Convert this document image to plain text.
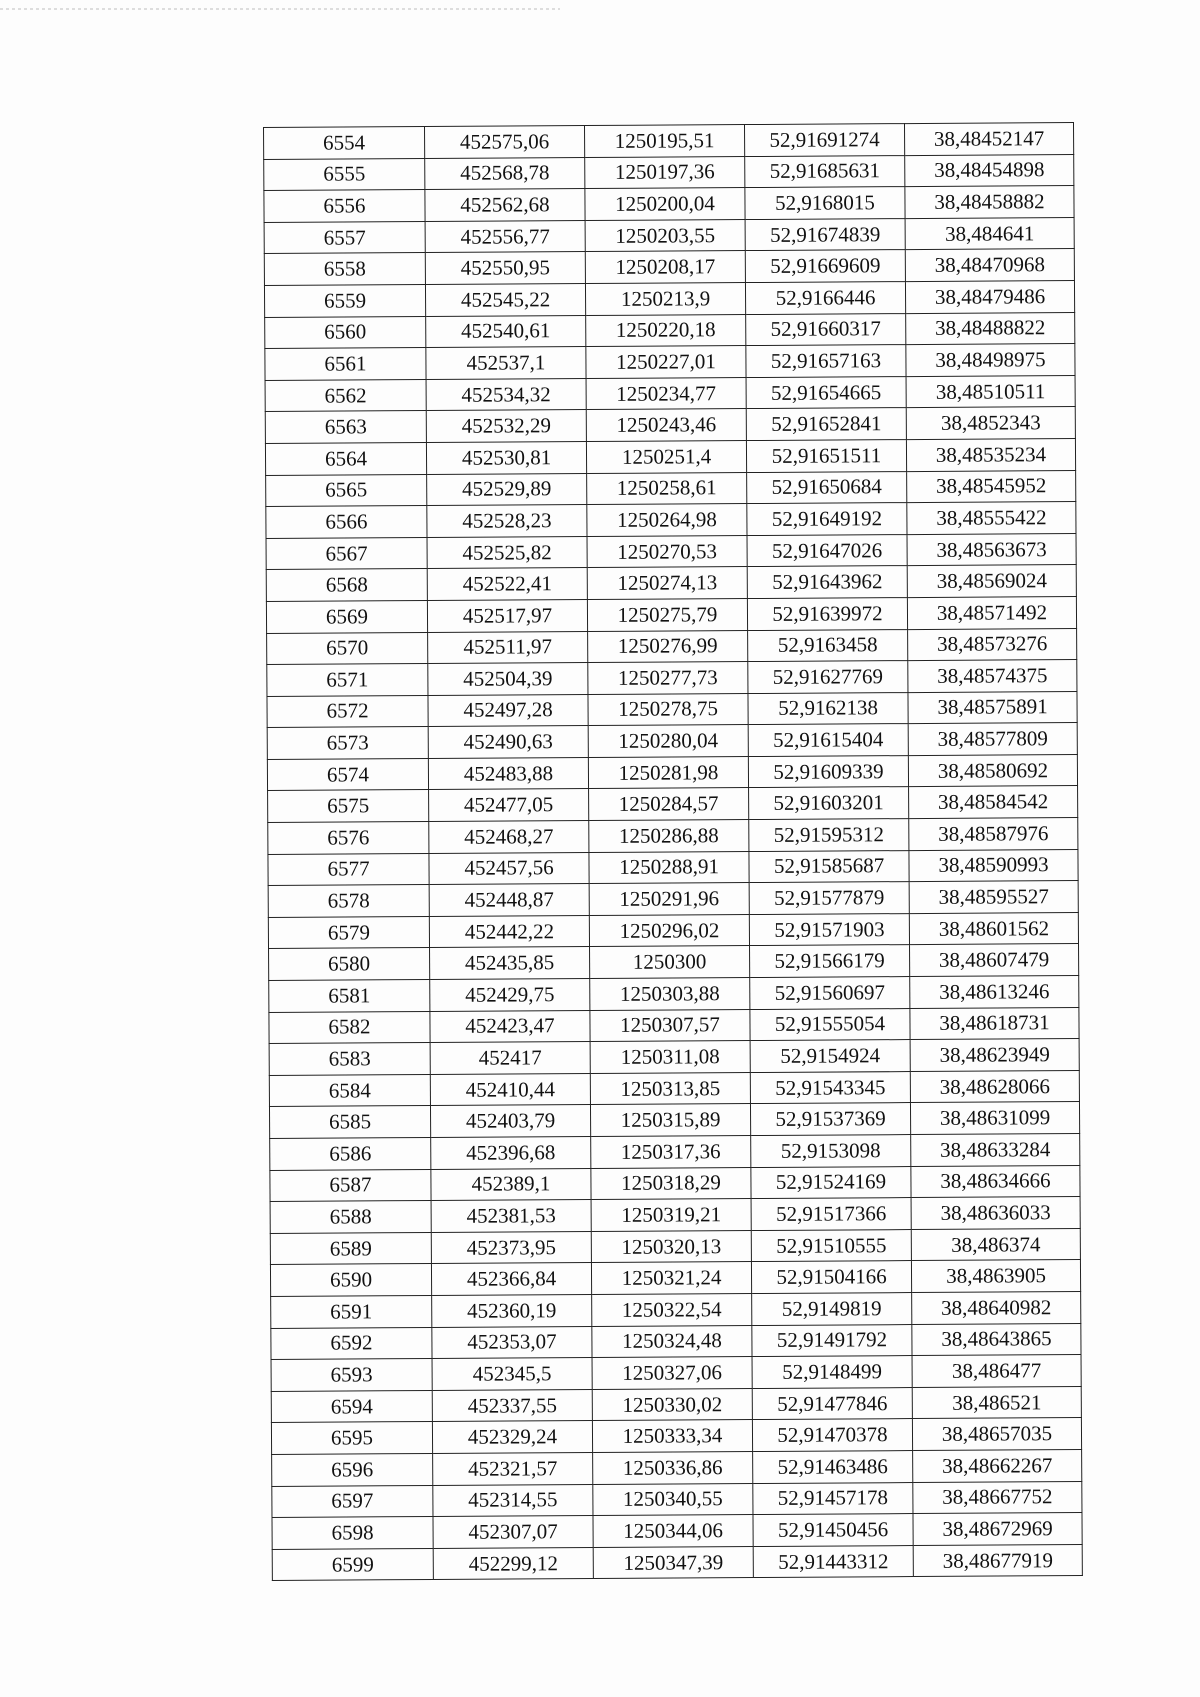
6554	452575,06	1250195,51	52,91691274	38,48452147
6555	452568,78	1250197,36	52,91685631	38,48454898
6556	452562,68	1250200,04	52,9168015	38,48458882
6557	452556,77	1250203,55	52,91674839	38,484641
6558	452550,95	1250208,17	52,91669609	38,48470968
6559	452545,22	1250213,9	52,9166446	38,48479486
6560	452540,61	1250220,18	52,91660317	38,48488822
6561	452537,1	1250227,01	52,91657163	38,48498975
6562	452534,32	1250234,77	52,91654665	38,48510511
6563	452532,29	1250243,46	52,91652841	38,4852343
6564	452530,81	1250251,4	52,91651511	38,48535234
6565	452529,89	1250258,61	52,91650684	38,48545952
6566	452528,23	1250264,98	52,91649192	38,48555422
6567	452525,82	1250270,53	52,91647026	38,48563673
6568	452522,41	1250274,13	52,91643962	38,48569024
6569	452517,97	1250275,79	52,91639972	38,48571492
6570	452511,97	1250276,99	52,9163458	38,48573276
6571	452504,39	1250277,73	52,91627769	38,48574375
6572	452497,28	1250278,75	52,9162138	38,48575891
6573	452490,63	1250280,04	52,91615404	38,48577809
6574	452483,88	1250281,98	52,91609339	38,48580692
6575	452477,05	1250284,57	52,91603201	38,48584542
6576	452468,27	1250286,88	52,91595312	38,48587976
6577	452457,56	1250288,91	52,91585687	38,48590993
6578	452448,87	1250291,96	52,91577879	38,48595527
6579	452442,22	1250296,02	52,91571903	38,48601562
6580	452435,85	1250300	52,91566179	38,48607479
6581	452429,75	1250303,88	52,91560697	38,48613246
6582	452423,47	1250307,57	52,91555054	38,48618731
6583	452417	1250311,08	52,9154924	38,48623949
6584	452410,44	1250313,85	52,91543345	38,48628066
6585	452403,79	1250315,89	52,91537369	38,48631099
6586	452396,68	1250317,36	52,9153098	38,48633284
6587	452389,1	1250318,29	52,91524169	38,48634666
6588	452381,53	1250319,21	52,91517366	38,48636033
6589	452373,95	1250320,13	52,91510555	38,486374
6590	452366,84	1250321,24	52,91504166	38,4863905
6591	452360,19	1250322,54	52,9149819	38,48640982
6592	452353,07	1250324,48	52,91491792	38,48643865
6593	452345,5	1250327,06	52,9148499	38,486477
6594	452337,55	1250330,02	52,91477846	38,486521
6595	452329,24	1250333,34	52,91470378	38,48657035
6596	452321,57	1250336,86	52,91463486	38,48662267
6597	452314,55	1250340,55	52,91457178	38,48667752
6598	452307,07	1250344,06	52,91450456	38,48672969
6599	452299,12	1250347,39	52,91443312	38,48677919
